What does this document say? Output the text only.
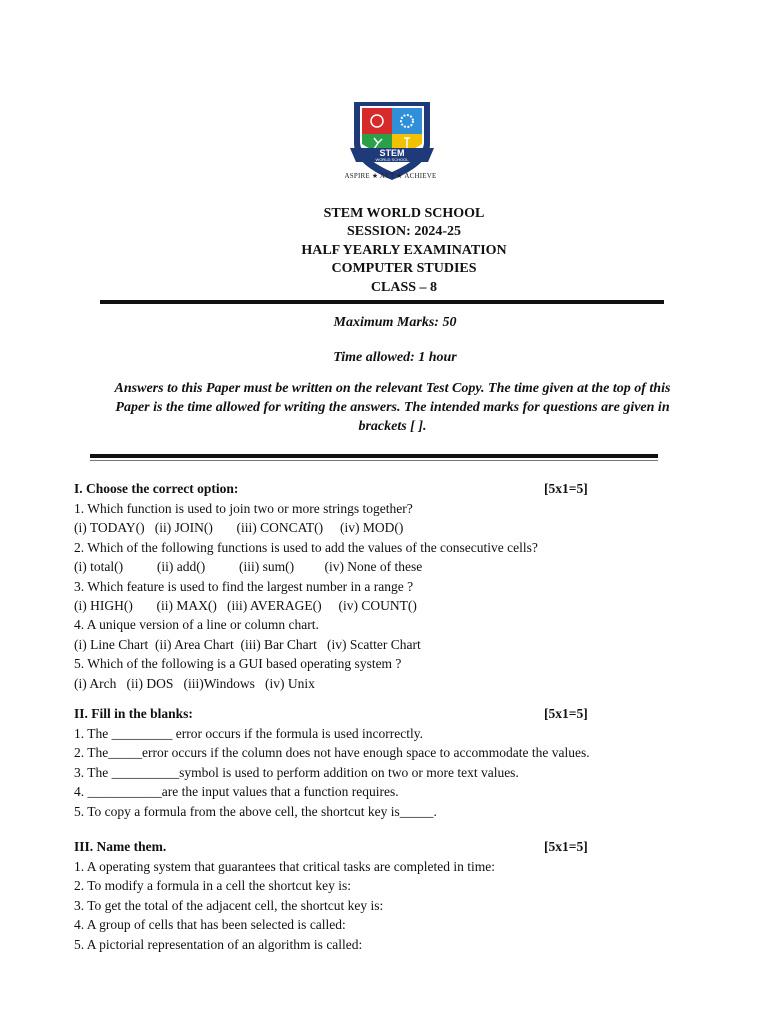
STEM
WORLD SCHOOL
ASPIRE ★ ACT ★ ACHIEVE
STEM WORLD SCHOOL
SESSION: 2024-25
HALF YEARLY EXAMINATION
COMPUTER STUDIES
CLASS – 8
Maximum Marks: 50
Time allowed: 1 hour
Answers to this Paper must be written on the relevant Test Copy. The time given at the top of this Paper is the time allowed for writing the answers. The intended marks for questions are given in brackets [ ].
I. Choose the correct option:	[5x1=5]
1. Which function is used to join two or more strings together?
(i) TODAY()   (ii) JOIN()       (iii) CONCAT()     (iv) MOD()
2. Which of the following functions is used to add the values of the consecutive cells?
(i) total()          (ii) add()          (iii) sum()         (iv) None of these
3. Which feature is used to find the largest number in a range ?
(i) HIGH()       (ii) MAX()   (iii) AVERAGE()     (iv) COUNT()
4. A unique version of a line or column chart.
(i) Line Chart  (ii) Area Chart  (iii) Bar Chart   (iv) Scatter Chart
5. Which of the following is a GUI based operating system ?
(i) Arch   (ii) DOS   (iii)Windows   (iv) Unix
II. Fill in the blanks:	[5x1=5]
1. The _________ error occurs if the formula is used incorrectly.
2. The_____error occurs if the column does not have enough space to accommodate the values.
3. The __________symbol is used to perform addition on two or more text values.
4. ___________are the input values that a function requires.
5. To copy a formula from the above cell, the shortcut key is_____.
III. Name them.	[5x1=5]
1. A operating system that guarantees that critical tasks are completed in time:
2. To modify a formula in a cell the shortcut key is:
3. To get the total of the adjacent cell, the shortcut key is:
4. A group of cells that has been selected is called:
5. A pictorial representation of an algorithm is called:
